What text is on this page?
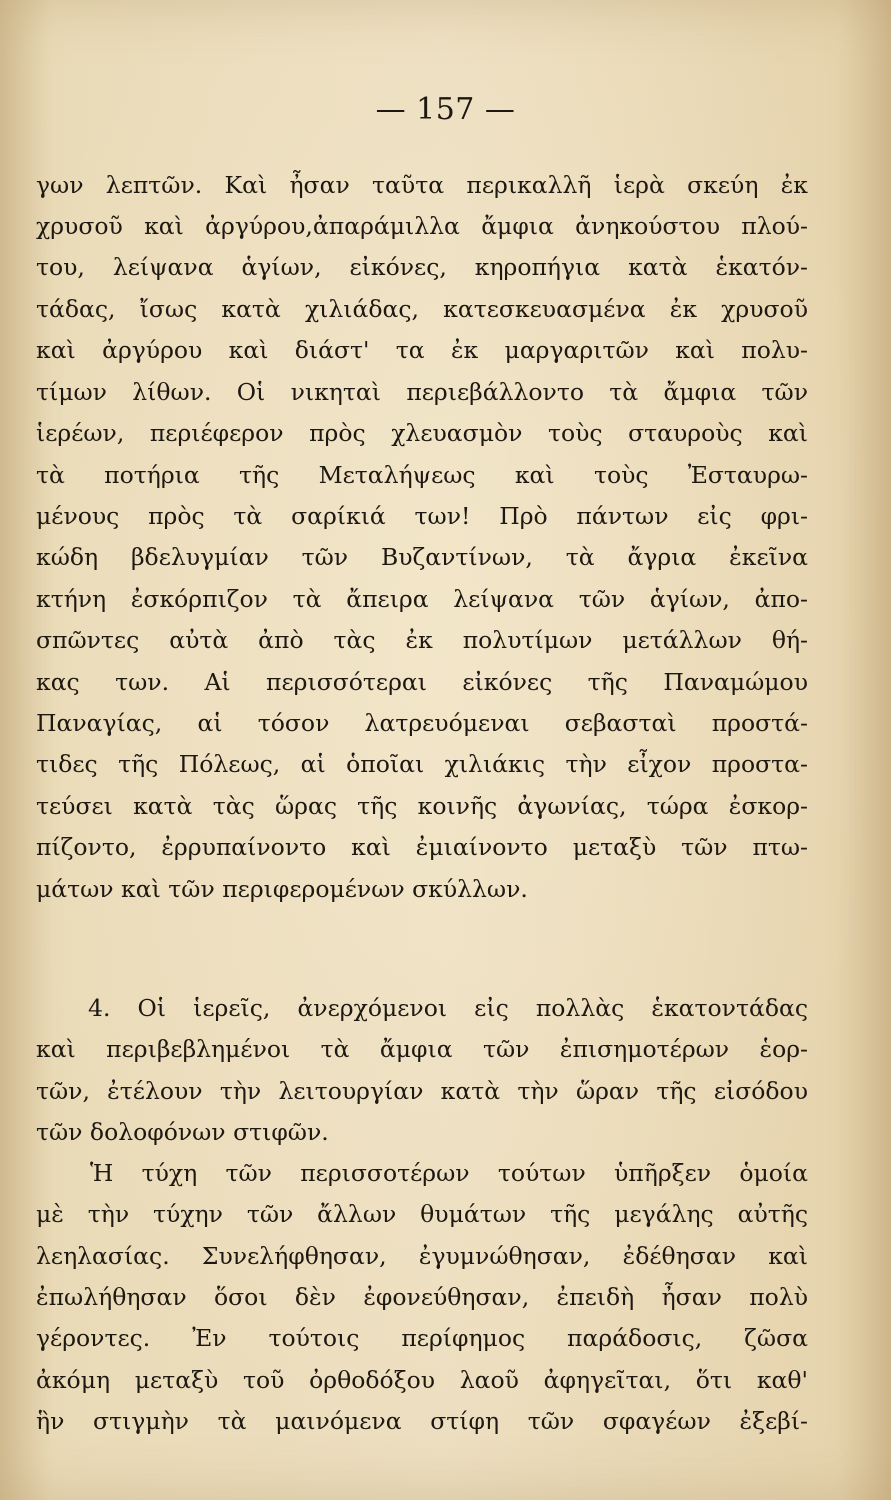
— 157 —
γων λεπτῶν. Καὶ ἦσαν ταῦτα περικαλλῆ ἱερὰ σκεύη ἐκ
χρυσοῦ καὶ ἀργύρου,ἀπαράμιλλα ἄμφια ἀνηκούστου πλού-
του, λείψανα ἁγίων, εἰκόνες, κηροπήγια κατὰ ἑκατόν-
τάδας, ἴσως κατὰ χιλιάδας, κατεσκευασμένα ἐκ χρυσοῦ
καὶ ἀργύρου καὶ διάστ' τα ἐκ μαργαριτῶν καὶ πολυ-
τίμων λίθων. Οἱ νικηταὶ περιεβάλλοντο τὰ ἄμφια τῶν
ἱερέων, περιέφερον πρὸς χλευασμὸν τοὺς σταυροὺς καὶ
τὰ ποτήρια τῆς Μεταλήψεως καὶ τοὺς Ἐσταυρω-
μένους πρὸς τὰ σαρίκιά των! Πρὸ πάντων εἰς φρι-
κώδη βδελυγμίαν τῶν Βυζαντίνων, τὰ ἄγρια ἐκεῖνα
κτήνη ἐσκόρπιζον τὰ ἄπειρα λείψανα τῶν ἁγίων, ἀπο-
σπῶντες αὐτὰ ἀπὸ τὰς ἐκ πολυτίμων μετάλλων θή-
κας των. Αἱ περισσότεραι εἰκόνες τῆς Παναμώμου
Παναγίας, αἱ τόσον λατρευόμεναι σεβασταὶ προστά-
τιδες τῆς Πόλεως, αἱ ὁποῖαι χιλιάκις τὴν εἶχον προστα-
τεύσει κατὰ τὰς ὥρας τῆς κοινῆς ἀγωνίας, τώρα ἐσκορ-
πίζοντο, ἐρρυπαίνοντο καὶ ἐμιαίνοντο μεταξὺ τῶν πτω-
μάτων καὶ τῶν περιφερομένων σκύλλων.
4. Οἱ ἱερεῖς, ἀνερχόμενοι εἰς πολλὰς ἑκατοντάδας
καὶ περιβεβλημένοι τὰ ἄμφια τῶν ἐπισημοτέρων ἑορ-
τῶν, ἐτέλουν τὴν λειτουργίαν κατὰ τὴν ὥραν τῆς εἰσόδου
τῶν δολοφόνων στιφῶν.
Ἡ τύχη τῶν περισσοτέρων τούτων ὑπῆρξεν ὁμοία
μὲ τὴν τύχην τῶν ἄλλων θυμάτων τῆς μεγάλης αὐτῆς
λεηλασίας. Συνελήφθησαν, ἐγυμνώθησαν, ἐδέθησαν καὶ
ἐπωλήθησαν ὅσοι δὲν ἐφονεύθησαν, ἐπειδὴ ἦσαν πολὺ
γέροντες. Ἐν τούτοις περίφημος παράδοσις, ζῶσα
ἀκόμη μεταξὺ τοῦ ὀρθοδόξου λαοῦ ἀφηγεῖται, ὅτι καθ'
ἣν στιγμὴν τὰ μαινόμενα στίφη τῶν σφαγέων ἐξεβί-
